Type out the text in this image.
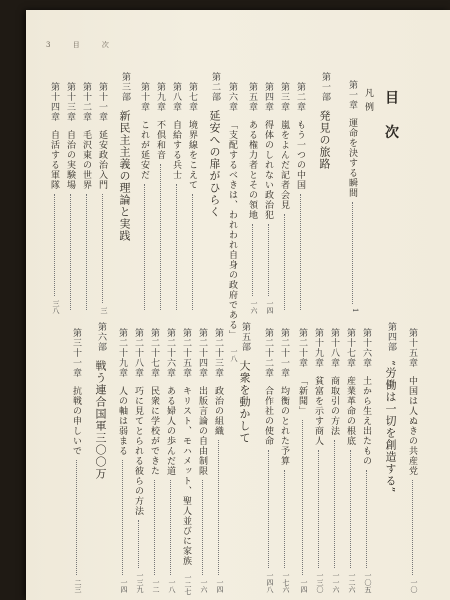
3 目 次
目 次
凡 例
第一章
運命を決する瞬間
1
第一部
発見の旅路
第二章
もう一つの中国
第三章
嵐をよんだ記者会見
第四章
得体のしれない政治犯
一四
第五章
ある権力者とその領地
一六
第六章
「支配するべきは、われわれ自身の政府である」
一八
第二部
延安への扉がひらく
第七章
境界線をこえて
第八章
自給する兵士
第九章
不倶和音
第十章
これが延安だ
第三部
新民主主義の理論と実践
第十一章
延安政治入門
三
第十二章
毛沢東の世界
第十三章
自治の実験場
第十四章
自活する軍隊
三八
第十五章
中国は人ぬきの共産党
一〇
第四部
“労働は一切を創造する”
第十六章
土から生え出たもの
一〇五
第十七章
産業革命の根底
一二六
第十八章
商取引の方法
一一六
第十九章
貧富を示す商人
一三〇
第二十章
「新聞」
一四
第二十一章
均衡のとれた予算
一七六
第二十二章
合作社の使命
一四八
第五部
大衆を動かして
第二十三章
政治の組織
一四
第二十四章
出版言論の自由制限
一六
第二十五章
キリスト、モハメット、聖人並びに家族
一二七
第二十六章
ある婦人の歩んだ道
一八
第二十七章
民衆に学校ができた
一二
第二十八章
巧に見てとられる彼らの方法
一三九
第二十九章
人の軸は弱まる
一四
第六部
戦う連合国軍三〇〇万
第三十一章
抗戦の申しいで
二三
